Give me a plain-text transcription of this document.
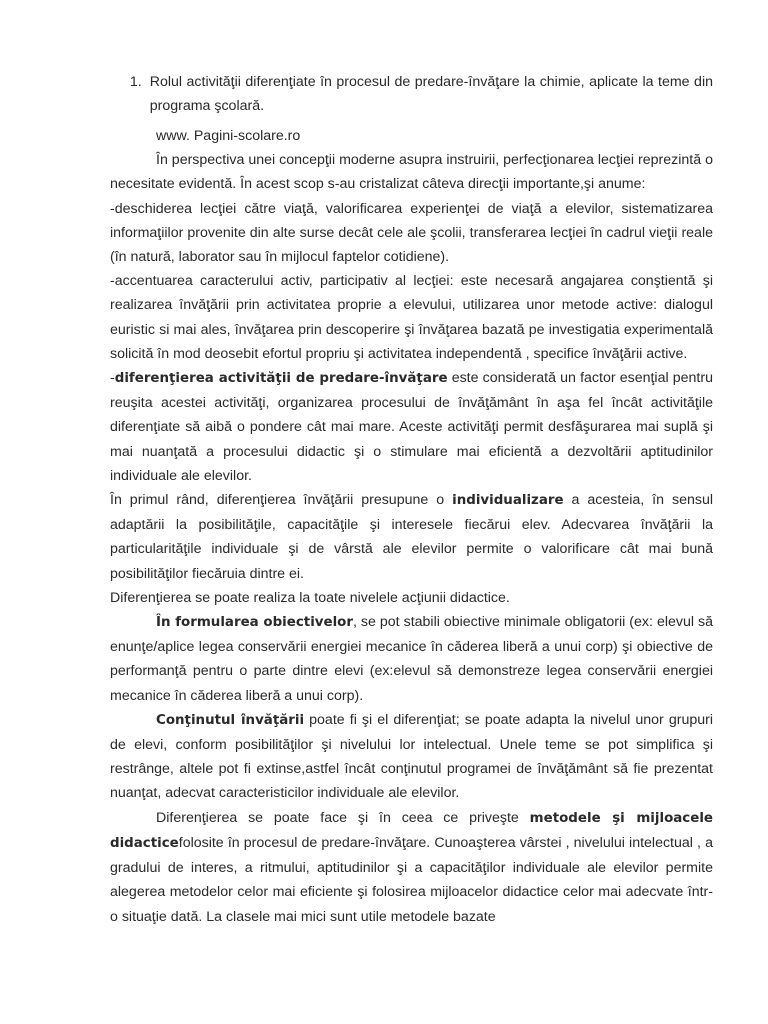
1. Rolul activităţii diferenţiate în procesul de predare-învăţare la chimie, aplicate la teme din programa şcolară.

www. Pagini-scolare.ro

În perspectiva unei concepţii moderne asupra instruirii, perfecţionarea lecţiei reprezintă o necesitate evidentă. În acest scop s-au cristalizat câteva direcţii importante,şi anume:

-deschiderea lecţiei către viaţă, valorificarea experienţei de viaţă a elevilor, sistematizarea informaţiilor provenite din alte surse decât cele ale şcolii, transferarea lecţiei în cadrul vieţii reale (în natură, laborator sau în mijlocul faptelor cotidiene).

-accentuarea caracterului activ, participativ al lecţiei: este necesară angajarea conştientă şi realizarea învăţării prin activitatea proprie a elevului, utilizarea unor metode active: dialogul euristic si mai ales, învăţarea prin descoperire şi învăţarea bazată pe investigatia experimentală solicită în mod deosebit efortul propriu şi activitatea independentă , specifice învăţării active.

-diferenţierea activităţii de predare-învăţare este considerată un factor esenţial pentru reuşita acestei activităţi, organizarea procesului de învăţământ în aşa fel încât activităţile diferenţiate să aibă o pondere cât mai mare. Aceste activităţi permit desfăşurarea mai suplă şi mai nuanţată a procesului didactic şi o stimulare mai eficientă a dezvoltării aptitudinilor individuale ale elevilor.

În primul rând, diferenţierea învăţării presupune o individualizare a acesteia, în sensul adaptării la posibilităţile, capacităţile şi interesele fiecărui elev. Adecvarea învăţării la particularităţile individuale şi de vârstă ale elevilor permite o valorificare cât mai bună posibilităţilor fiecăruia dintre ei.

Diferenţierea se poate realiza la toate nivelele acţiunii didactice.

În formularea obiectivelor, se pot stabili obiective minimale obligatorii (ex: elevul să enunţe/aplice legea conservării energiei mecanice în căderea liberă a unui corp) şi obiective de performanţă pentru o parte dintre elevi (ex:elevul să demonstreze legea conservării energiei mecanice în căderea liberă a unui corp).

Conţinutul învăţării poate fi şi el diferenţiat; se poate adapta la nivelul unor grupuri de elevi, conform posibilităţilor şi nivelului lor intelectual. Unele teme se pot simplifica şi restrânge, altele pot fi extinse,astfel încât conţinutul programei de învăţământ să fie prezentat nuanţat, adecvat caracteristicilor individuale ale elevilor.

Diferenţierea se poate face şi în ceea ce priveşte metodele şi mijloacele didacticefolosite în procesul de predare-învăţare. Cunoaşterea vârstei , nivelului intelectual , a gradului de interes, a ritmului, aptitudinilor şi a capacităţilor individuale ale elevilor permite alegerea metodelor celor mai eficiente şi folosirea mijloacelor didactice celor mai adecvate într-o situaţie dată. La clasele mai mici sunt utile metodele bazate
